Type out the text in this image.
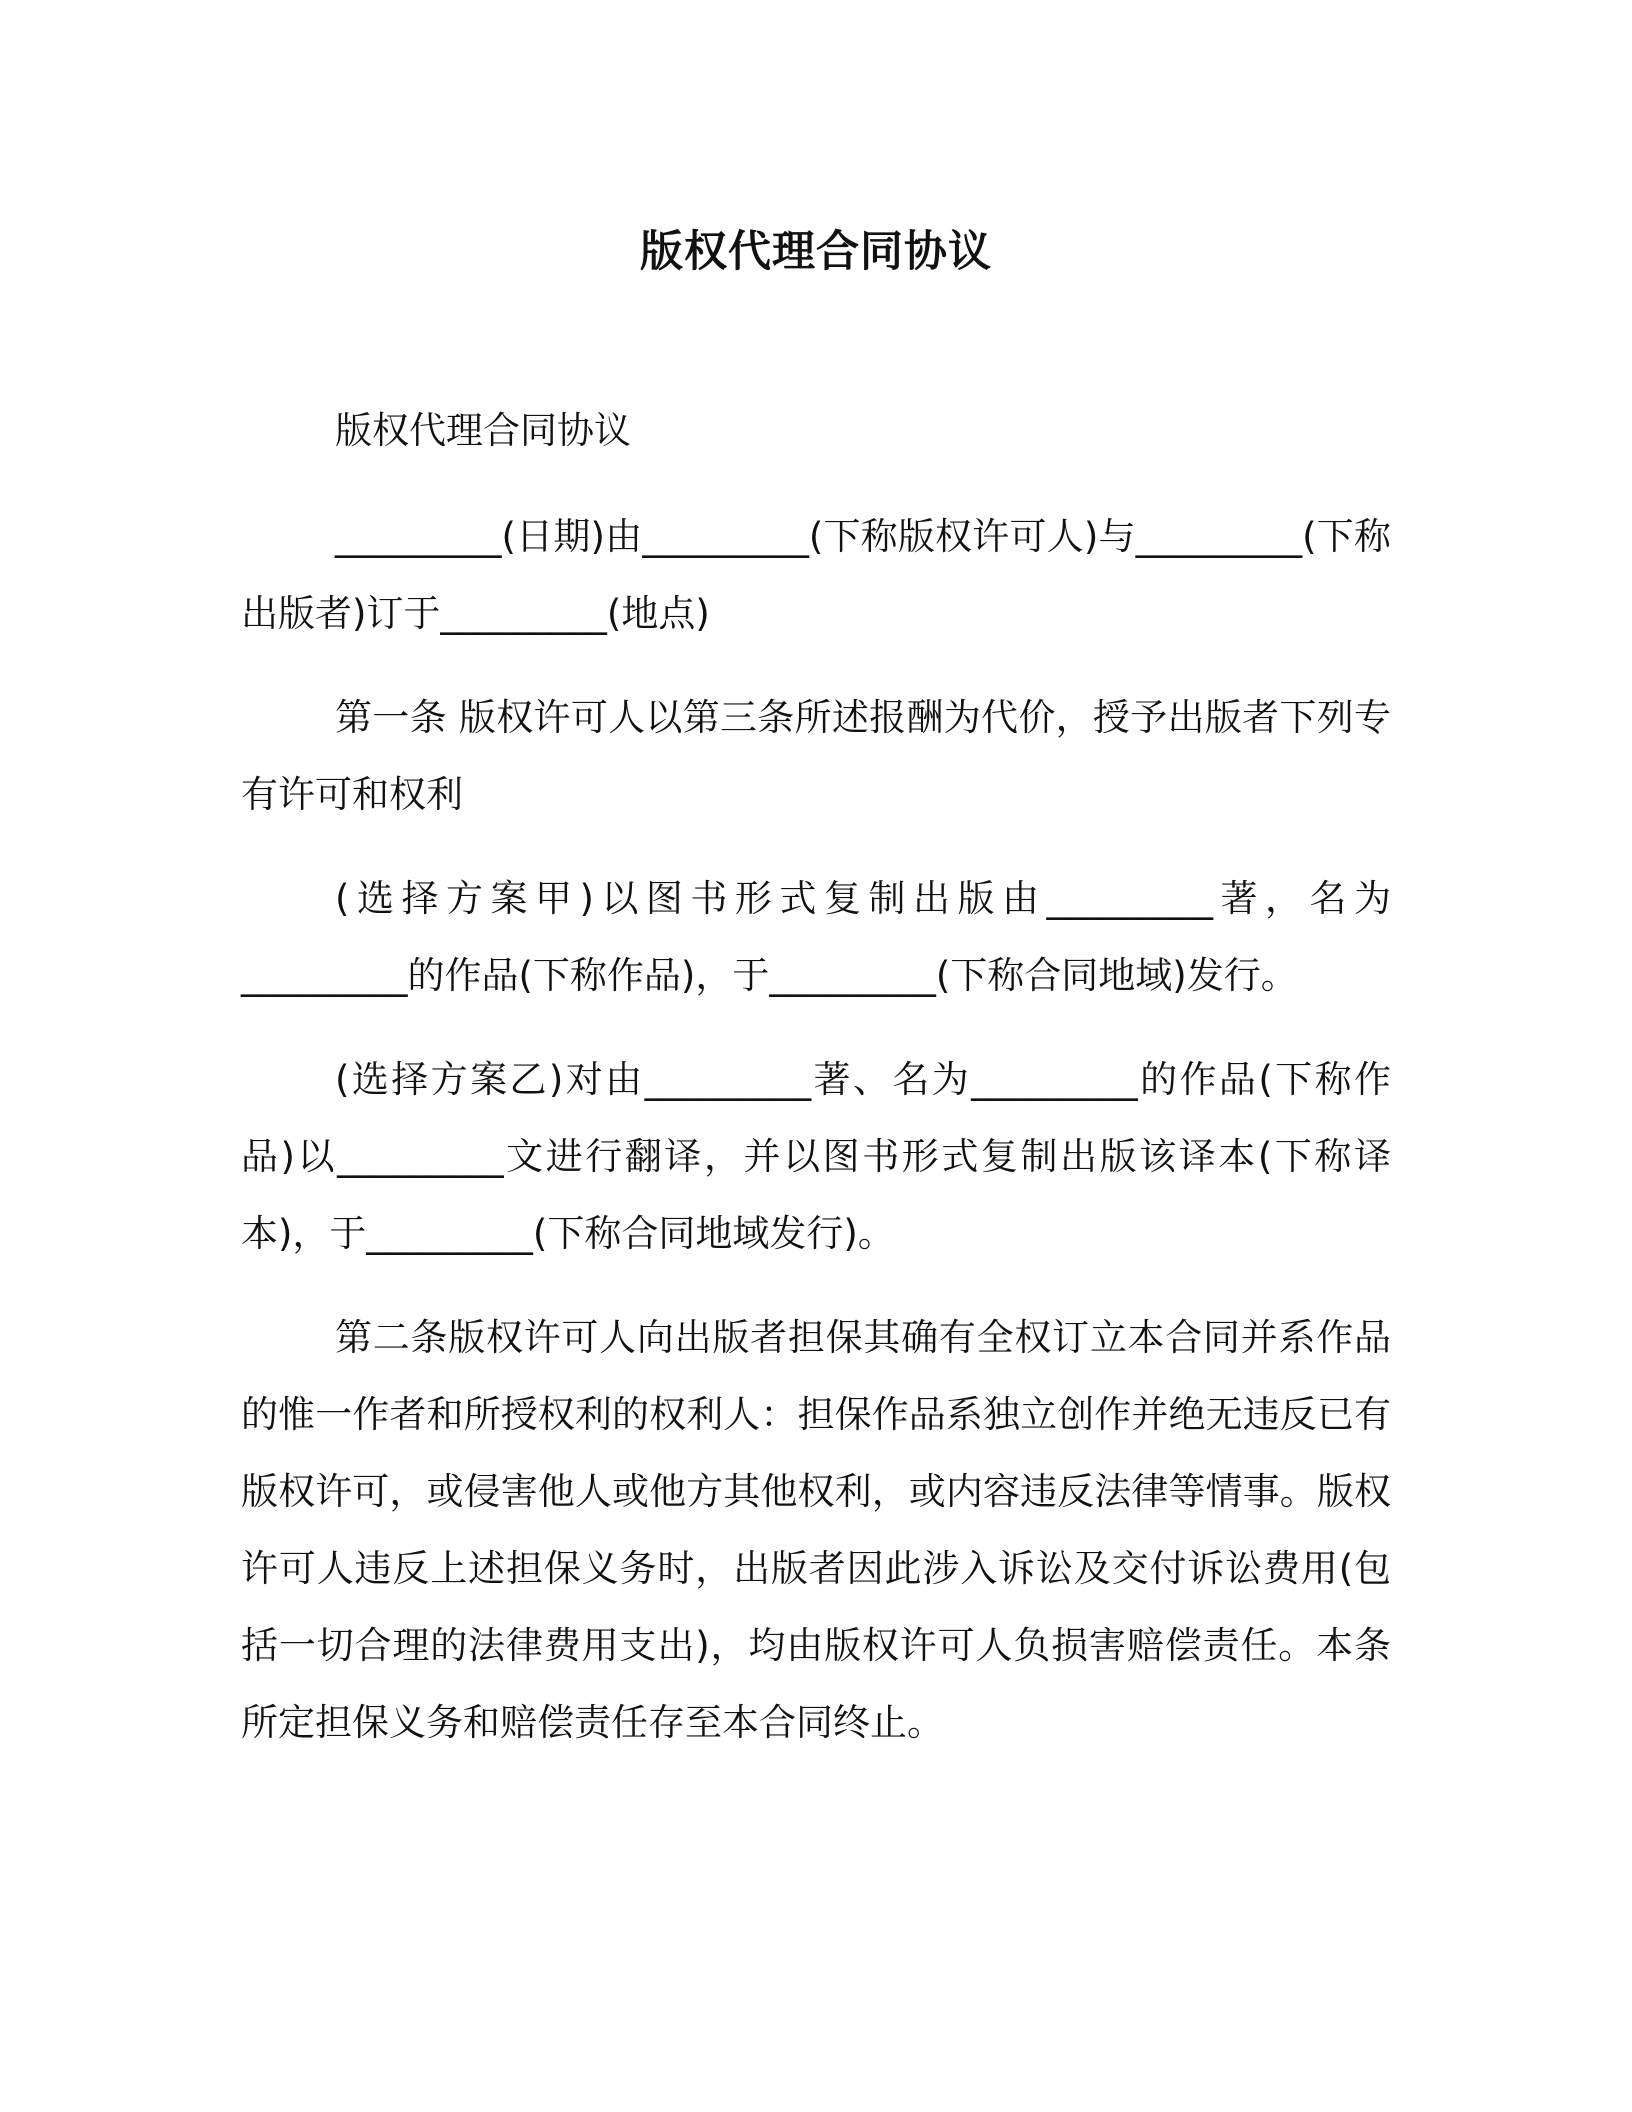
版权代理合同协议

版权代理合同协议

_________(日期)由_________(下称版权许可人)与_________(下称出版者)订于_________(地点)

第一条 版权许可人以第三条所述报酬为代价，授予出版者下列专有许可和权利

(选择方案甲)以图书形式复制出版由_________著，名为_________的作品(下称作品)，于_________(下称合同地域)发行。

(选择方案乙)对由_________著、名为_________的作品(下称作品)以_________文进行翻译，并以图书形式复制出版该译本(下称译本)，于_________(下称合同地域发行)。

第二条版权许可人向出版者担保其确有全权订立本合同并系作品的惟一作者和所授权利的权利人：担保作品系独立创作并绝无违反已有版权许可，或侵害他人或他方其他权利，或内容违反法律等情事。版权许可人违反上述担保义务时，出版者因此涉入诉讼及交付诉讼费用(包括一切合理的法律费用支出)，均由版权许可人负损害赔偿责任。本条所定担保义务和赔偿责任存至本合同终止。
